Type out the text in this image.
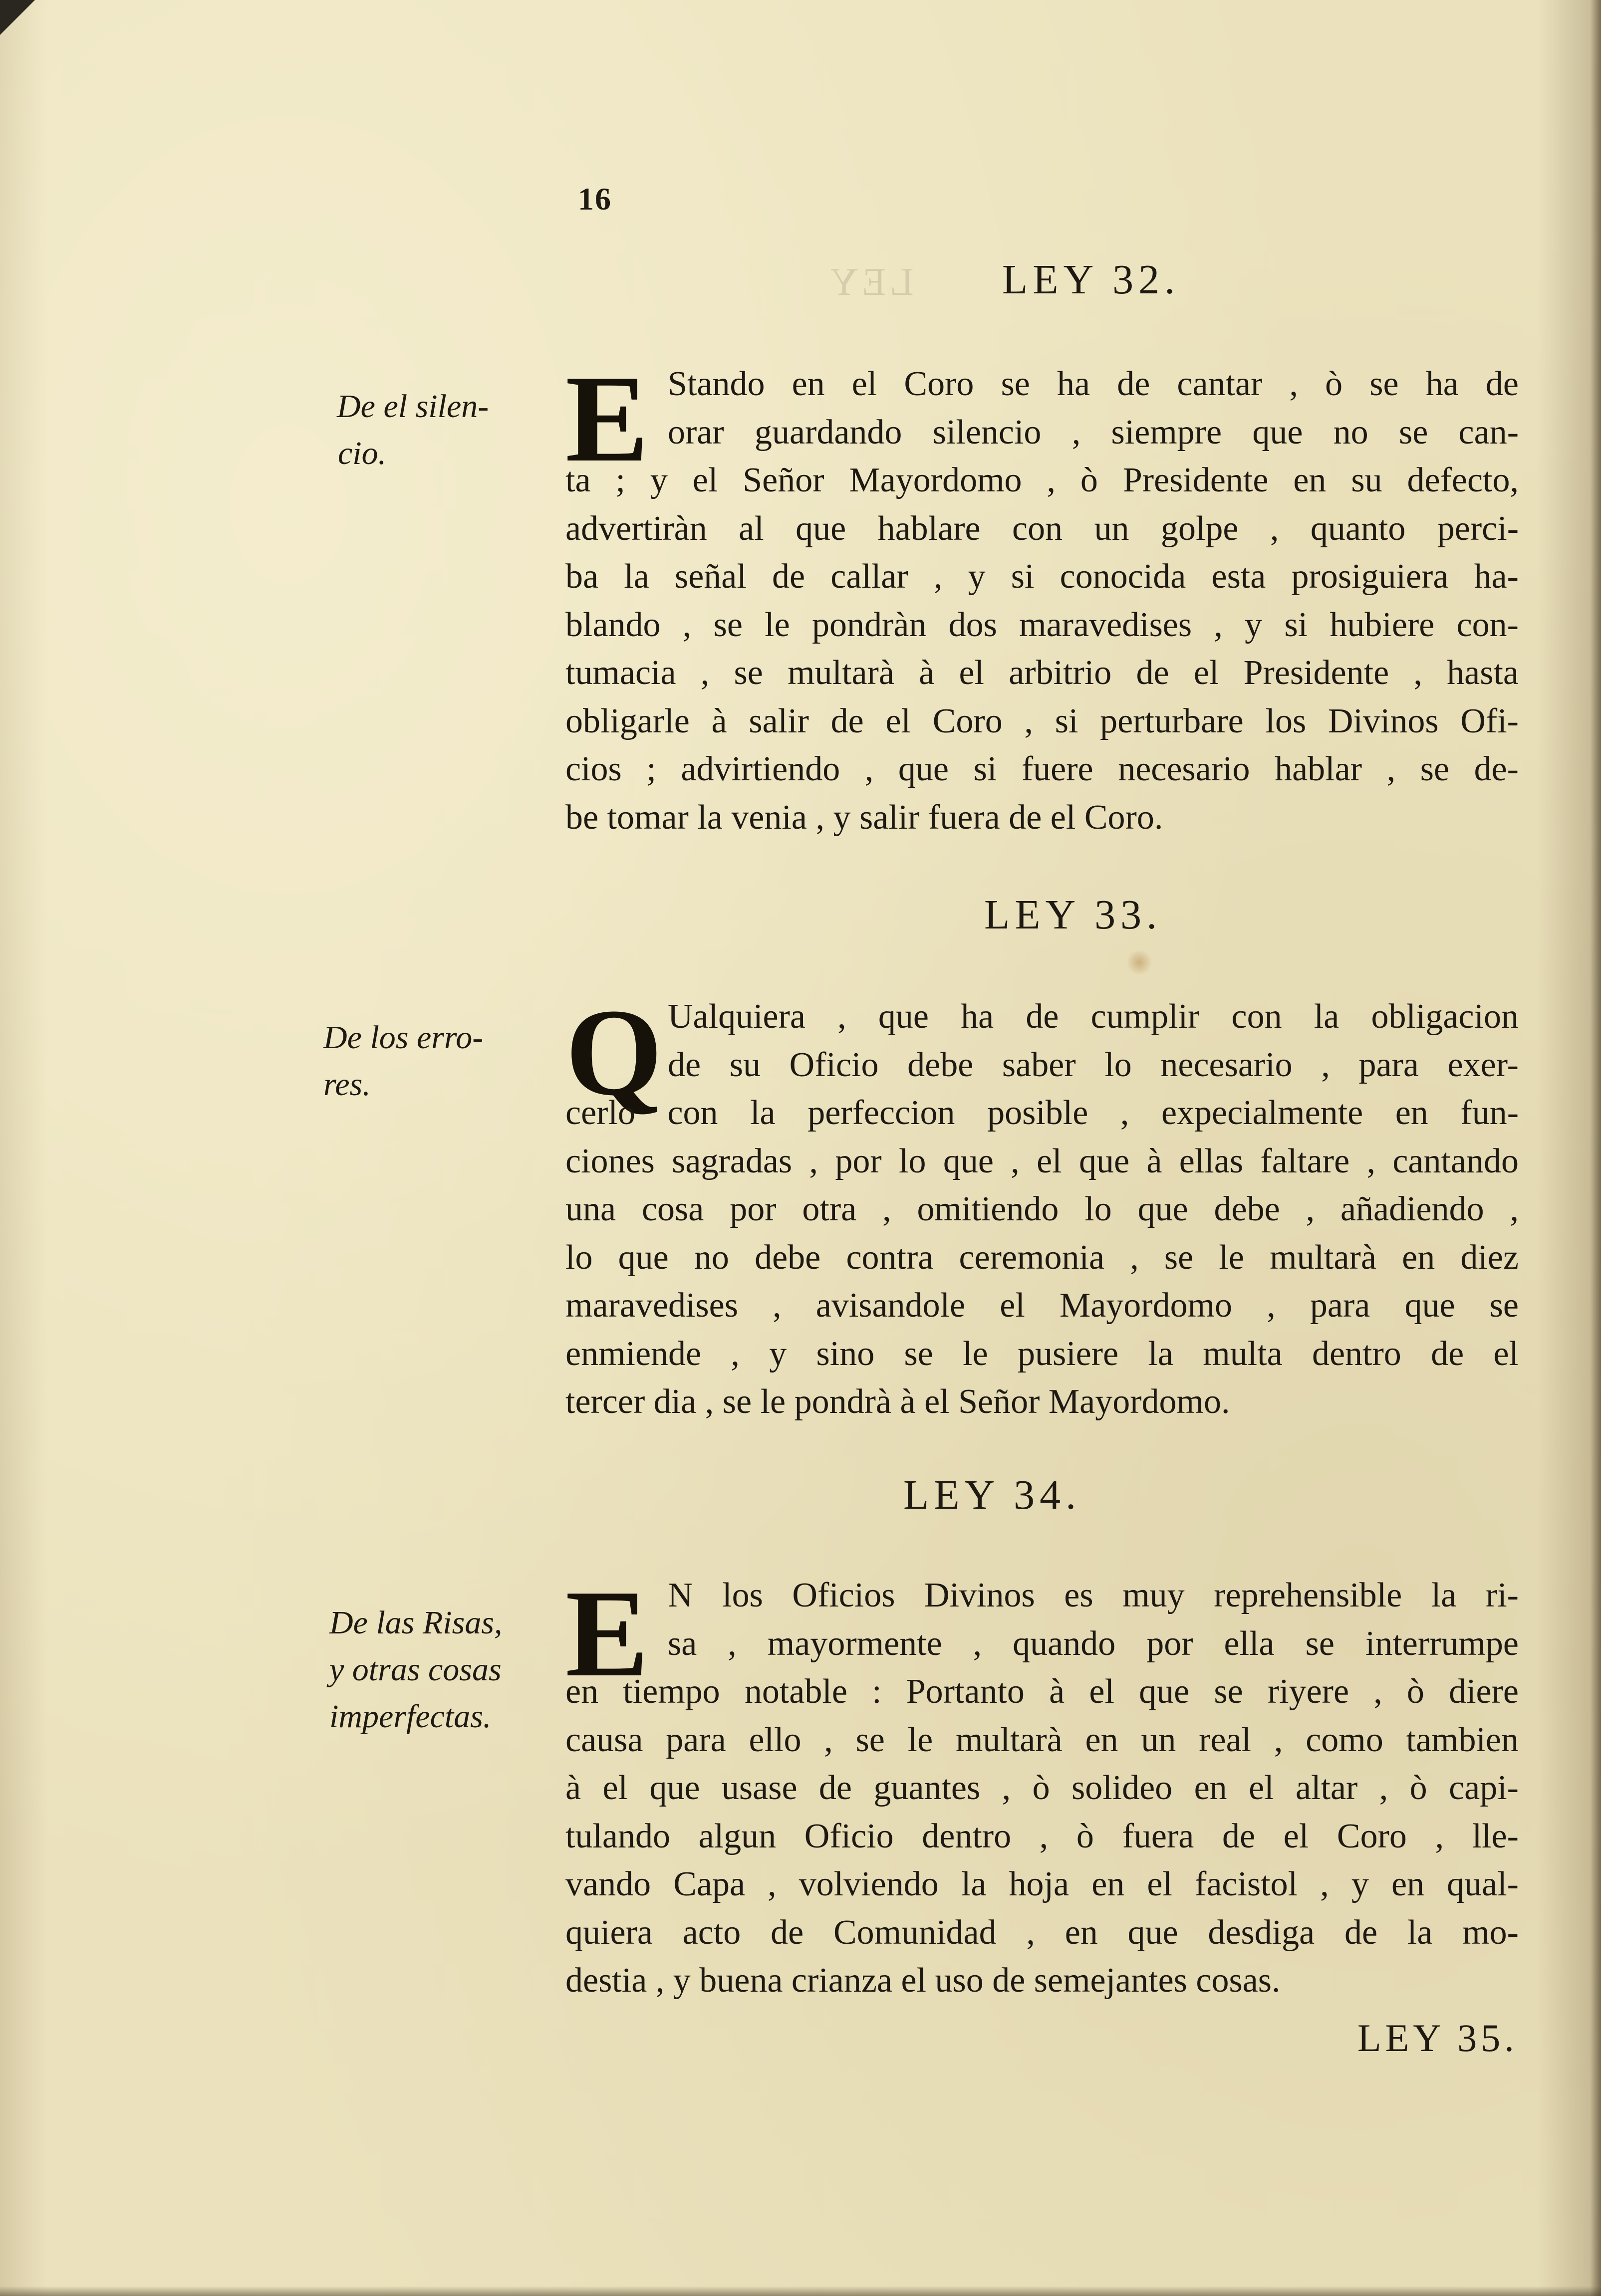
16
LEY LEY 32.
De el silen-
cio.	E Stando en el Coro se ha de cantar , ò se ha de
orar guardando silencio , siempre que no se can-
ta ; y el Señor Mayordomo , ò Presidente en su defecto,
advertiràn al que hablare con un golpe , quanto perci-
ba la señal de callar , y si conocida esta prosiguiera ha-
blando , se le pondràn dos maravedises , y si hubiere con-
tumacia , se multarà à el arbitrio de el Presidente , hasta
obligarle à salir de el Coro , si perturbare los Divinos Ofi-
cios ; advirtiendo , que si fuere necesario hablar , se de-
be tomar la venia , y salir fuera de el Coro.
LEY 33.
De los erro-
res.	Q Ualquiera , que ha de cumplir con la obligacion
de su Oficio debe saber lo necesario , para exer-
cerlo con la perfeccion posible , expecialmente en fun-
ciones sagradas , por lo que , el que à ellas faltare , cantando
una cosa por otra , omitiendo lo que debe , añadiendo ,
lo que no debe contra ceremonia , se le multarà en diez
maravedises , avisandole el Mayordomo , para que se
enmiende , y sino se le pusiere la multa dentro de el
tercer dia , se le pondrà à el Señor Mayordomo.
LEY 34.
De las Risas,
y otras cosas
imperfectas.
E N los Oficios Divinos es muy reprehensible la ri-
sa , mayormente , quando por ella se interrumpe
en tiempo notable : Portanto à el que se riyere , ò diere
causa para ello , se le multarà en un real , como tambien
à el que usase de guantes , ò solideo en el altar , ò capi-
tulando algun Oficio dentro , ò fuera de el Coro , lle-
vando Capa , volviendo la hoja en el facistol , y en qual-
quiera acto de Comunidad , en que desdiga de la mo-
destia , y buena crianza el uso de semejantes cosas.
LEY 35.
